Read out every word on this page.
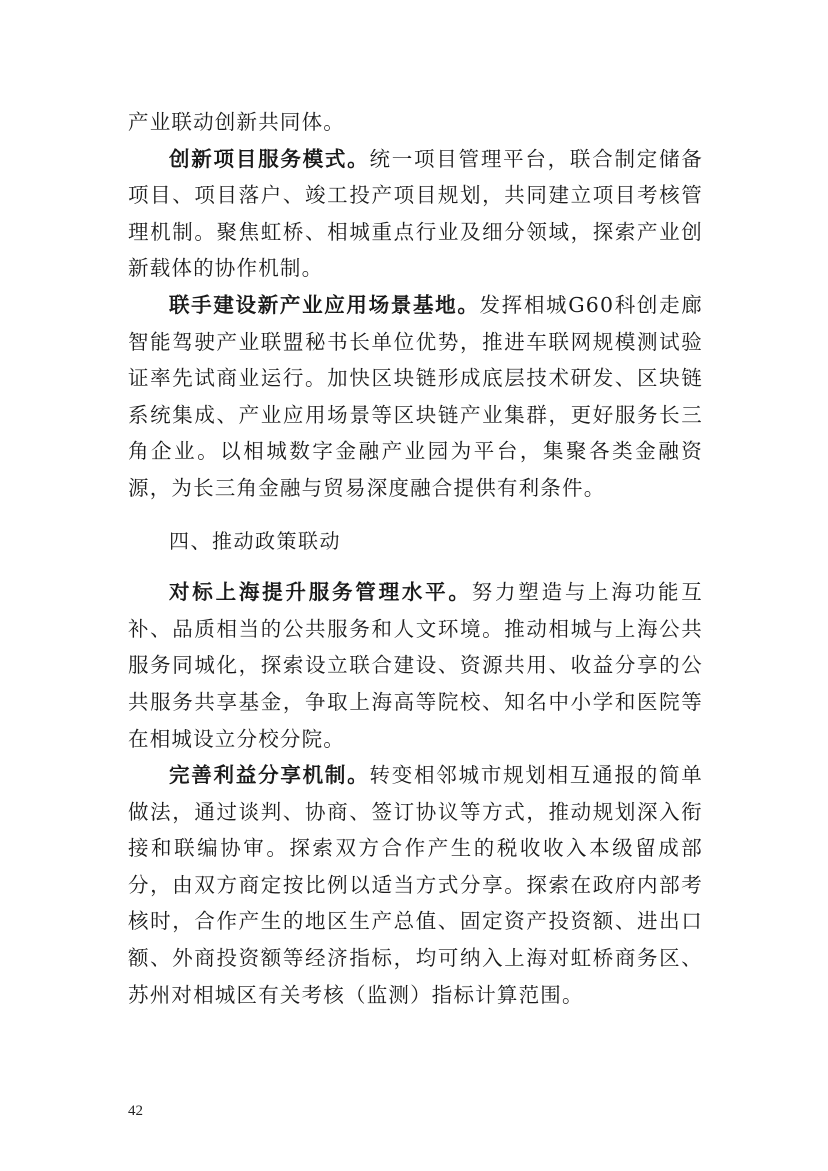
产业联动创新共同体。

创新项目服务模式。统一项目管理平台，联合制定储备项目、项目落户、竣工投产项目规划，共同建立项目考核管理机制。聚焦虹桥、相城重点行业及细分领域，探索产业创新载体的协作机制。

联手建设新产业应用场景基地。发挥相城G60科创走廊智能驾驶产业联盟秘书长单位优势，推进车联网规模测试验证率先试商业运行。加快区块链形成底层技术研发、区块链系统集成、产业应用场景等区块链产业集群，更好服务长三角企业。以相城数字金融产业园为平台，集聚各类金融资源，为长三角金融与贸易深度融合提供有利条件。

四、推动政策联动

对标上海提升服务管理水平。努力塑造与上海功能互补、品质相当的公共服务和人文环境。推动相城与上海公共服务同城化，探索设立联合建设、资源共用、收益分享的公共服务共享基金，争取上海高等院校、知名中小学和医院等在相城设立分校分院。

完善利益分享机制。转变相邻城市规划相互通报的简单做法，通过谈判、协商、签订协议等方式，推动规划深入衔接和联编协审。探索双方合作产生的税收收入本级留成部分，由双方商定按比例以适当方式分享。探索在政府内部考核时，合作产生的地区生产总值、固定资产投资额、进出口额、外商投资额等经济指标，均可纳入上海对虹桥商务区、苏州对相城区有关考核（监测）指标计算范围。

42
